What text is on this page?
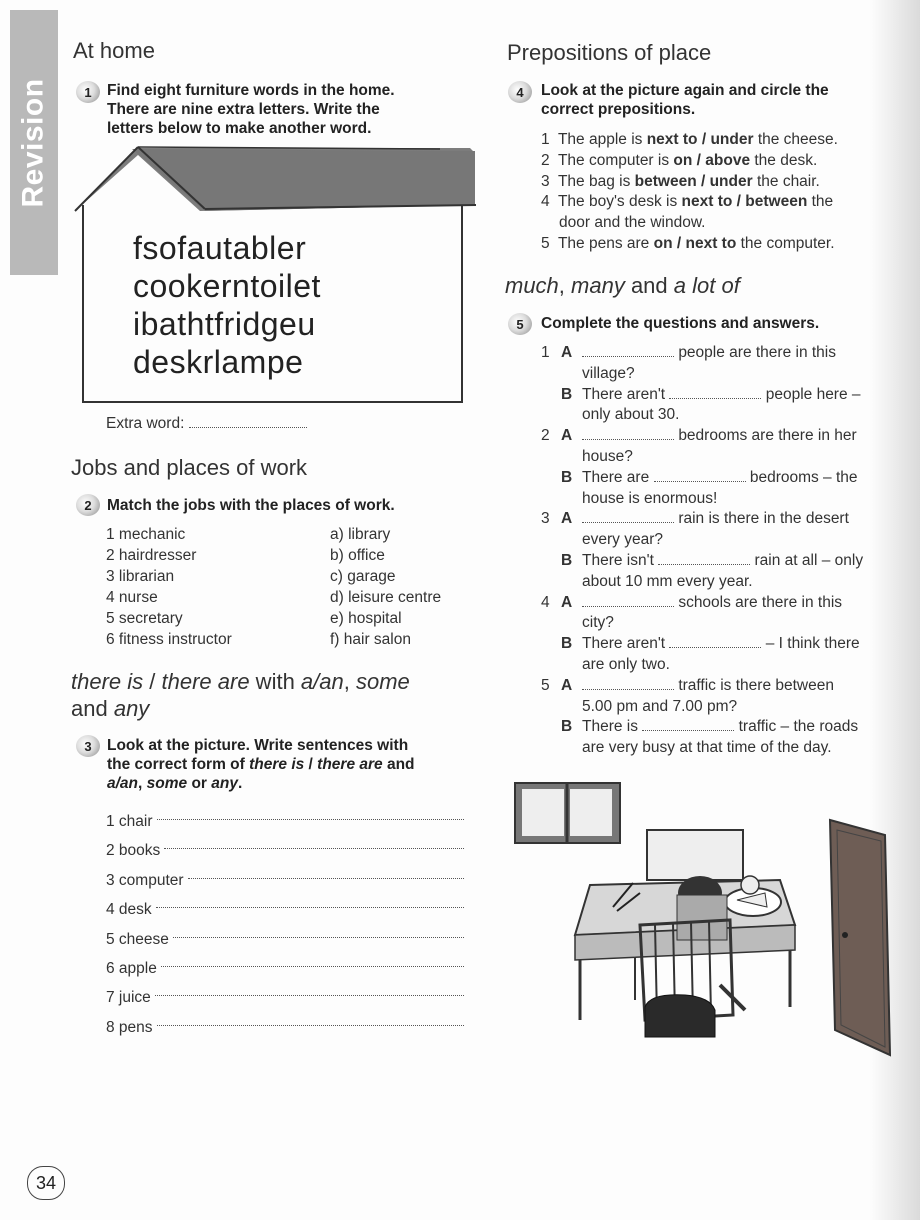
Revision
At home
1 Find eight furniture words in the home.
There are nine extra letters. Write the
letters below to make another word.
fsofautabler
cookerntoilet
ibathtfridgeu
deskrlampe
Extra word:
Jobs and places of work
2 Match the jobs with the places of work.
1 mechanic
2 hairdresser
3 librarian
4 nurse
5 secretary
6 fitness instructor
a) library
b) office
c) garage
d) leisure centre
e) hospital
f) hair salon
there is / there are with a/an, some
and any
3 Look at the picture. Write sentences with
the correct form of there is / there are and
a/an, some or any.
1 chair
2 books
3 computer
4 desk
5 cheese
6 apple
7 juice
8 pens
34
Prepositions of place
4	Look at the picture again and circle the
correct prepositions.
1 The apple is next to / under the cheese.
2 The computer is on / above the desk.
3 The bag is between / under the chair.
4 The boy's desk is next to / between the
door and the window.
5 The pens are on / next to the computer.
much, many and a lot of
5	Complete the questions and answers.
1 A	people are there in this
village?
B There aren't	people here –
only about 30.
2 A	bedrooms are there in her
house?
B There are	bedrooms – the
house is enormous!
3 A	rain is there in the desert
every year?
B There isn't	rain at all – only
about 10 mm every year.
4 A	schools are there in this
city?
B There aren't	– I think there
are only two.
5 A	traffic is there between
5.00 pm and 7.00 pm?
B There is	traffic – the roads
are very busy at that time of the day.
